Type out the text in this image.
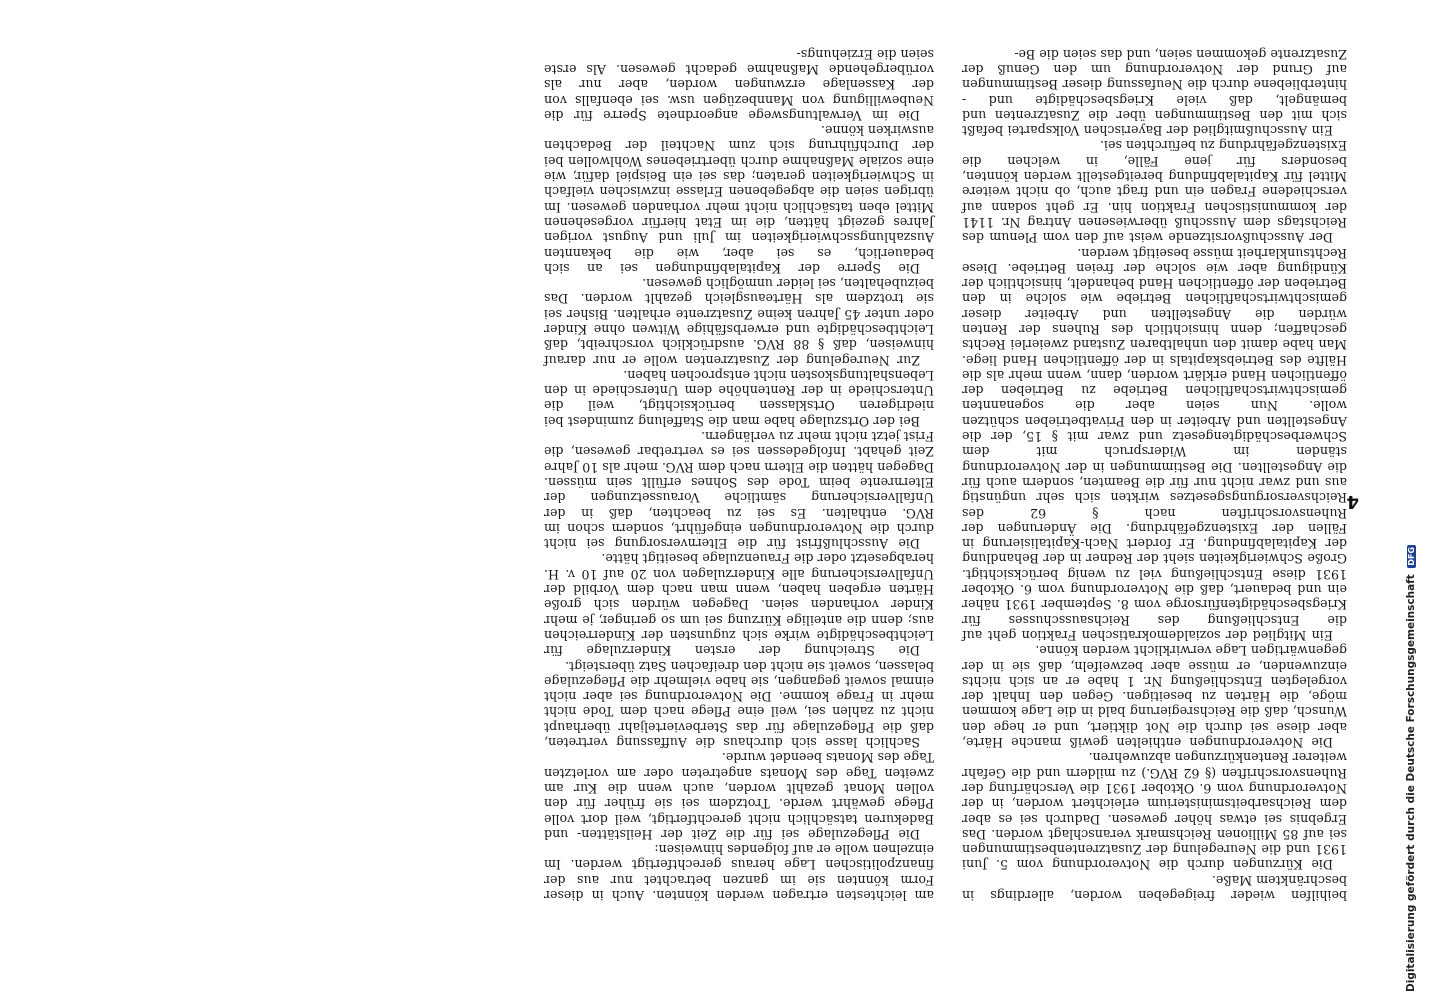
4

beihilfen wieder freigegeben worden, allerdings in beschränktem Maße.

Die Kürzungen durch die Notverordnung vom 5. Juni 1931 und die Neuregelung der Zusatzrentenbestimmungen sei auf 85 Millionen Reichsmark veranschlagt worden. Das Ergebnis sei etwas höher gewesen. Dadurch sei es aber dem Reichsarbeitsministerium erleichtert worden, in der Notverordnung vom 6. Oktober 1931 die Verschärfung der Ruhensvorschriften (§ 62 RVG.) zu mildern und die Gefahr weiterer Rentenkürzungen abzuwehren.

Die Notverordnungen enthielten gewiß manche Härte, aber diese sei durch die Not diktiert, und er hege den Wunsch, daß die Reichsregierung bald in die Lage kommen möge, die Härten zu beseitigen. Gegen den Inhalt der vorgelegten Entschließung Nr. 1 habe er an sich nichts einzuwenden, er müsse aber bezweifeln, daß sie in der gegenwärtigen Lage verwirklicht werden könne.

Ein Mitglied der sozialdemokratischen Fraktion geht auf die Entschließung des Reichsausschusses für Kriegsbeschädigtenfürsorge vom 8. September 1931 näher ein und bedauert, daß die Notverordnung vom 6. Oktober 1931 diese Entschließung viel zu wenig berücksichtigt. Große Schwierigkeiten sieht der Redner in der Behandlung der Kapitalabfindung. Er fordert Nach-Kapitalisierung in Fällen der Existenzgefährdung. Die Änderungen der Ruhensvorschriften nach § 62 des Reichsversorgungsgesetzes wirkten sich sehr ungünstig aus und zwar nicht nur für die Beamten, sondern auch für die Angestellten. Die Bestimmungen in der Notverordnung ständen im Widerspruch mit dem Schwerbeschädigtengesetz und zwar mit § 15, der die Angestellten und Arbeiter in den Privatbetrieben schützen wolle. Nun seien aber die sogenannten gemischtwirtschaftlichen Betriebe zu Betrieben der öffentlichen Hand erklärt worden, dann, wenn mehr als die Hälfte des Betriebskapitals in der öffentlichen Hand liege. Man habe damit den unhaltbaren Zustand zweierlei Rechts geschaffen; denn hinsichtlich des Ruhens der Renten würden die Angestellten und Arbeiter dieser gemischtwirtschaftlichen Betriebe wie solche in den Betrieben der öffentlichen Hand behandelt, hinsichtlich der Kündigung aber wie solche der freien Betriebe. Diese Rechtsunklarheit müsse beseitigt werden.

Der Ausschußvorsitzende weist auf den vom Plenum des Reichstags dem Ausschuß überwiesenen Antrag Nr. 1141 der kommunistischen Fraktion hin. Er geht sodann auf verschiedene Fragen ein und fragt auch, ob nicht weitere Mittel für Kapitalabfindung bereitgestellt werden könnten, besonders für jene Fälle, in welchen die Existenzgefährdung zu befürchten sei.

Ein Ausschußmitglied der Bayerischen Volkspartei befaßt sich mit den Bestimmungen über die Zusatzrenten und bemängelt, daß viele Kriegsbeschädigte und -hinterbliebene durch die Neufassung dieser Bestimmungen auf Grund der Notverordnung um den Genuß der Zusatzrente gekommen seien, und das seien die Be-

am leichtesten ertragen werden könnten. Auch in dieser Form könnten sie im ganzen betrachtet nur aus der finanzpolitischen Lage heraus gerechtfertigt werden. Im einzelnen wolle er auf folgendes hinweisen:

Die Pflegezulage sei für die Zeit der Heilstätten- und Badekuren tatsächlich nicht gerechtfertigt, weil dort volle Pflege gewährt werde. Trotzdem sei sie früher für den vollen Monat gezahlt worden, auch wenn die Kur am zweiten Tage des Monats angetreten oder am vorletzten Tage des Monats beendet wurde.

Sachlich lasse sich durchaus die Auffassung vertreten, daß die Pflegezulage für das Sterbevierteljahr überhaupt nicht zu zahlen sei, weil eine Pflege nach dem Tode nicht mehr in Frage komme. Die Notverordnung sei aber nicht einmal soweit gegangen, sie habe vielmehr die Pflegezulage belassen, soweit sie nicht den dreifachen Satz übersteigt.

Die Streichung der ersten Kinderzulage für Leichtbeschädigte wirke sich zugunsten der Kinderreichen aus; denn die anteilige Kürzung sei um so geringer, je mehr Kinder vorhanden seien. Dagegen würden sich große Härten ergeben haben, wenn man nach dem Vorbild der Unfallversicherung alle Kinderzulagen von 20 auf 10 v. H. herabgesetzt oder die Frauenzulage beseitigt hätte.

Die Ausschlußfrist für die Elternversorgung sei nicht durch die Notverordnungen eingeführt, sondern schon im RVG. enthalten. Es sei zu beachten, daß in der Unfallversicherung sämtliche Voraussetzungen der Elternrente beim Tode des Sohnes erfüllt sein müssen. Dagegen hätten die Eltern nach dem RVG. mehr als 10 Jahre Zeit gehabt. Infolgedessen sei es vertretbar gewesen, die Frist jetzt nicht mehr zu verlängern.

Bei der Ortszulage habe man die Staffelung zumindest bei niedrigeren Ortsklassen berücksichtigt, weil die Unterschiede in der Rentenhöhe dem Unterschiede in den Lebenshaltungskosten nicht entsprochen haben.

Zur Neuregelung der Zusatzrenten wolle er nur darauf hinweisen, daß § 88 RVG. ausdrücklich vorschreibt, daß Leichtbeschädigte und erwerbsfähige Witwen ohne Kinder oder unter 45 Jahren keine Zusatzrente erhalten. Bisher sei sie trotzdem als Härteausgleich gezahlt worden. Das beizubehalten, sei leider unmöglich gewesen.

Die Sperre der Kapitalabfindungen sei an sich bedauerlich, es sei aber, wie die bekannten Auszahlungsschwierigkeiten im Juli und August vorigen Jahres gezeigt hätten, die im Etat hierfür vorgesehenen Mittel eben tatsächlich nicht mehr vorhanden gewesen. Im übrigen seien die abgegebenen Erlasse inzwischen vielfach in Schwierigkeiten geraten; das sei ein Beispiel dafür, wie eine soziale Maßnahme durch übertriebenes Wohlwollen bei der Durchführung sich zum Nachteil der Bedachten auswirken könne.

Die im Verwaltungswege angeordnete Sperre für die Neubewilligung von Mannbezügen usw. sei ebenfalls von der Kassenlage erzwungen worden, aber nur als vorübergehende Maßnahme gedacht gewesen. Als erste seien die Erziehungs-

Digitalisierung gefördert durch die Deutsche Forschungsgemeinschaft DFG
